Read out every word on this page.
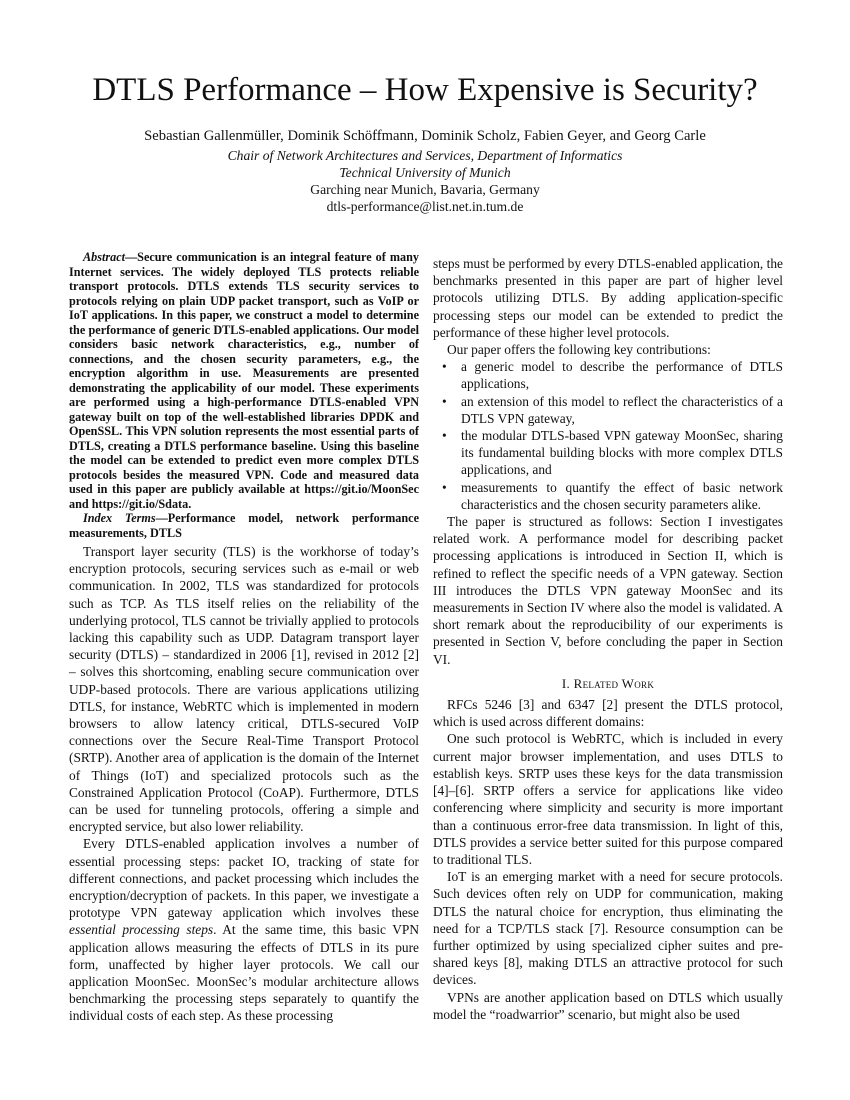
DTLS Performance – How Expensive is Security?
Sebastian Gallenmüller, Dominik Schöffmann, Dominik Scholz, Fabien Geyer, and Georg Carle
Chair of Network Architectures and Services, Department of Informatics
Technical University of Munich
Garching near Munich, Bavaria, Germany
dtls-performance@list.net.in.tum.de

Abstract—Secure communication is an integral feature of many Internet services. The widely deployed TLS protects reliable transport protocols. DTLS extends TLS security services to protocols relying on plain UDP packet transport, such as VoIP or IoT applications. In this paper, we construct a model to determine the performance of generic DTLS-enabled applications. Our model considers basic network characteristics, e.g., number of connections, and the chosen security parameters, e.g., the encryption algorithm in use. Measurements are presented demonstrating the applicability of our model. These experiments are performed using a high-performance DTLS-enabled VPN gateway built on top of the well-established libraries DPDK and OpenSSL. This VPN solution represents the most essential parts of DTLS, creating a DTLS performance baseline. Using this baseline the model can be extended to predict even more complex DTLS protocols besides the measured VPN. Code and measured data used in this paper are publicly available at https://git.io/MoonSec and https://git.io/Sdata.

Index Terms—Performance model, network performance measurements, DTLS

Transport layer security (TLS) is the workhorse of today’s encryption protocols, securing services such as e-mail or web communication. In 2002, TLS was standardized for protocols such as TCP. As TLS itself relies on the reliability of the underlying protocol, TLS cannot be trivially applied to protocols lacking this capability such as UDP. Datagram transport layer security (DTLS) – standardized in 2006 [1], revised in 2012 [2] – solves this shortcoming, enabling secure communication over UDP-based protocols. There are various applications utilizing DTLS, for instance, WebRTC which is implemented in modern browsers to allow latency critical, DTLS-secured VoIP connections over the Secure Real-Time Transport Protocol (SRTP). Another area of application is the domain of the Internet of Things (IoT) and specialized protocols such as the Constrained Application Protocol (CoAP). Furthermore, DTLS can be used for tunneling protocols, offering a simple and encrypted service, but also lower reliability.

Every DTLS-enabled application involves a number of essential processing steps: packet IO, tracking of state for different connections, and packet processing which includes the encryption/decryption of packets. In this paper, we investigate a prototype VPN gateway application which involves these essential processing steps. At the same time, this basic VPN application allows measuring the effects of DTLS in its pure form, unaffected by higher layer protocols. We call our application MoonSec. MoonSec’s modular architecture allows benchmarking the processing steps separately to quantify the individual costs of each step. As these processing

steps must be performed by every DTLS-enabled application, the benchmarks presented in this paper are part of higher level protocols utilizing DTLS. By adding application-specific processing steps our model can be extended to predict the performance of these higher level protocols.

Our paper offers the following key contributions:

• a generic model to describe the performance of DTLS applications,
• an extension of this model to reflect the characteristics of a DTLS VPN gateway,
• the modular DTLS-based VPN gateway MoonSec, sharing its fundamental building blocks with more complex DTLS applications, and
• measurements to quantify the effect of basic network characteristics and the chosen security parameters alike.

The paper is structured as follows: Section I investigates related work. A performance model for describing packet processing applications is introduced in Section II, which is refined to reflect the specific needs of a VPN gateway. Section III introduces the DTLS VPN gateway MoonSec and its measurements in Section IV where also the model is validated. A short remark about the reproducibility of our experiments is presented in Section V, before concluding the paper in Section VI.

I. Related Work

RFCs 5246 [3] and 6347 [2] present the DTLS protocol, which is used across different domains:

One such protocol is WebRTC, which is included in every current major browser implementation, and uses DTLS to establish keys. SRTP uses these keys for the data transmission [4]–[6]. SRTP offers a service for applications like video conferencing where simplicity and security is more important than a continuous error-free data transmission. In light of this, DTLS provides a service better suited for this purpose compared to traditional TLS.

IoT is an emerging market with a need for secure protocols. Such devices often rely on UDP for communication, making DTLS the natural choice for encryption, thus eliminating the need for a TCP/TLS stack [7]. Resource consumption can be further optimized by using specialized cipher suites and pre-shared keys [8], making DTLS an attractive protocol for such devices.

VPNs are another application based on DTLS which usually model the “roadwarrior” scenario, but might also be used
